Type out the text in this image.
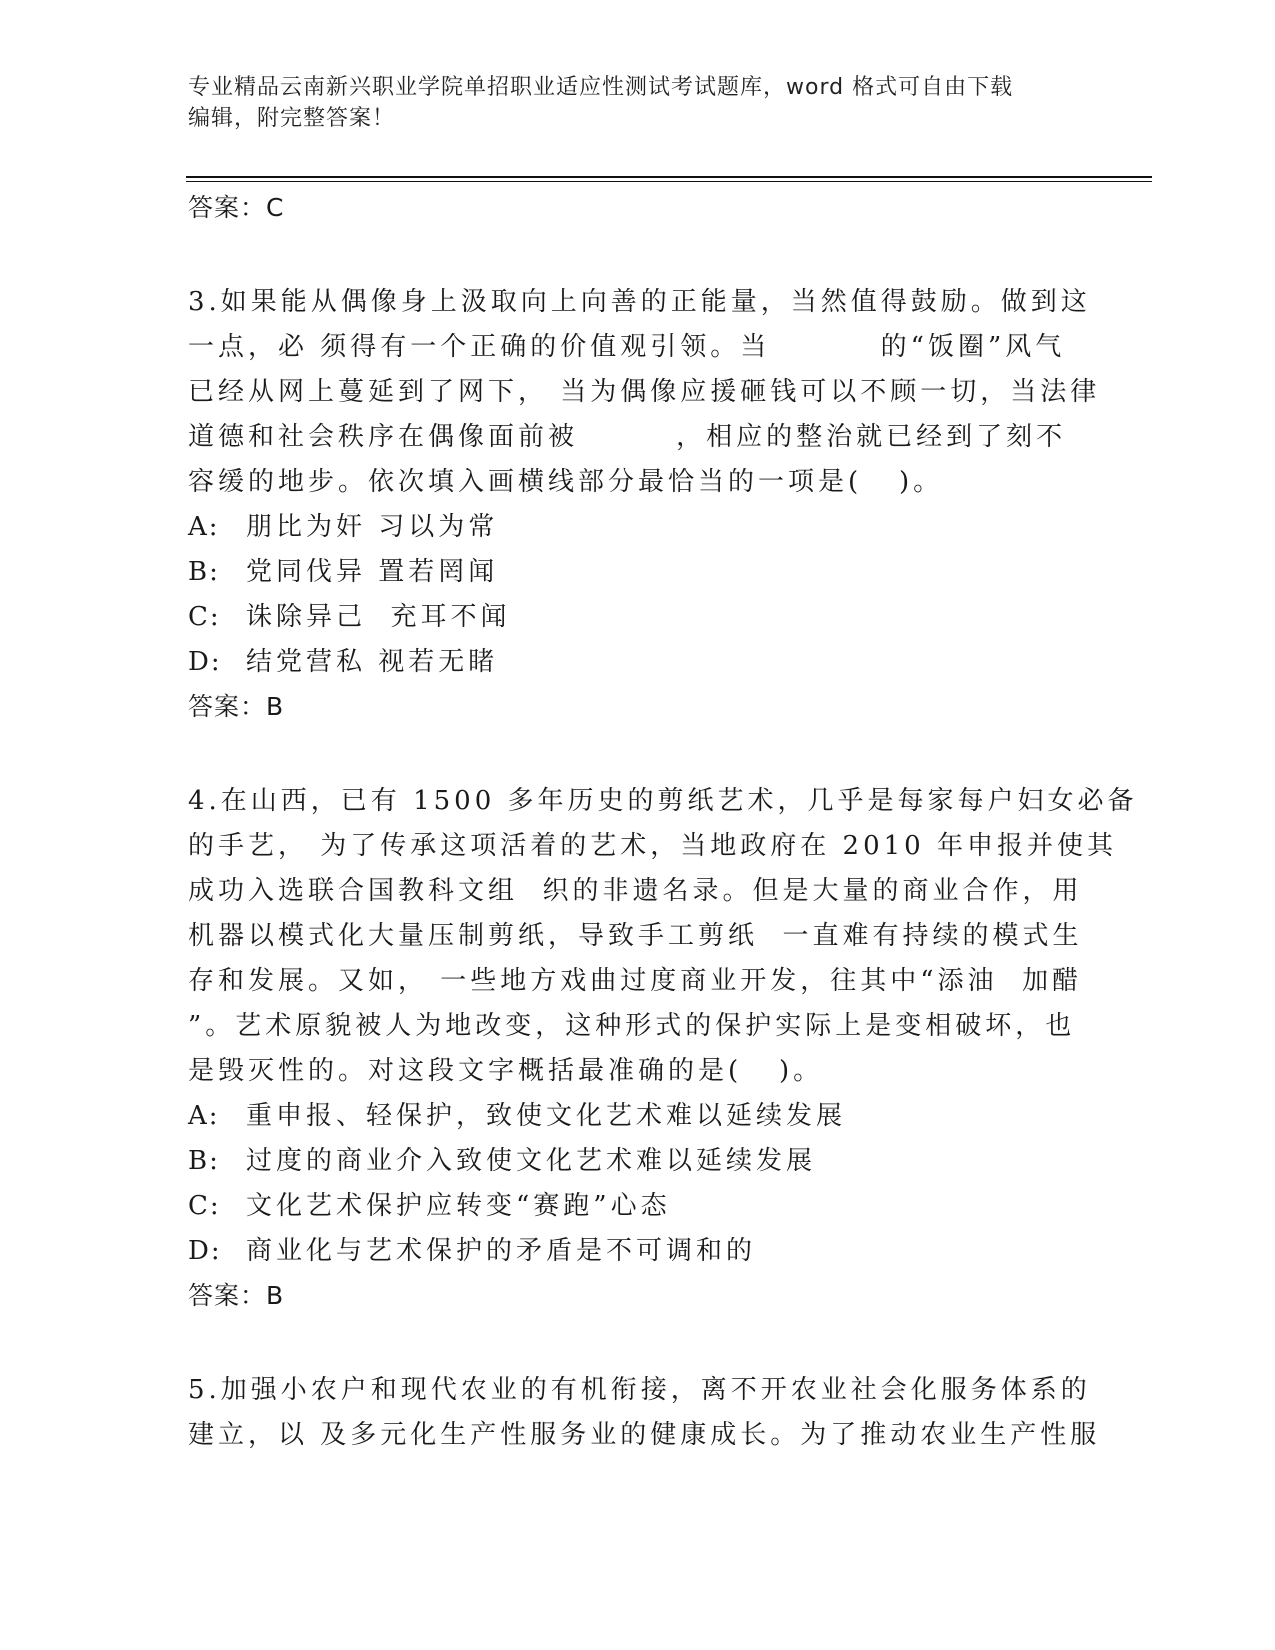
专业精品云南新兴职业学院单招职业适应性测试考试题库，word 格式可自由下载
编辑，附完整答案！
答案：C
3.如果能从偶像身上汲取向上向善的正能量，当然值得鼓励。做到这
一点，必 须得有一个正确的价值观引领。当         的“饭圈”风气
已经从网上蔓延到了网下， 当为偶像应援砸钱可以不顾一切，当法律
道德和社会秩序在偶像面前被        ，相应的整治就已经到了刻不
容缓的地步。依次填入画横线部分最恰当的一项是(   )。
A: 朋比为奸 习以为常
B: 党同伐异 置若罔闻
C: 诛除异己  充耳不闻
D: 结党营私 视若无睹
答案：B
4.在山西，已有 1500 多年历史的剪纸艺术，几乎是每家每户妇女必备
的手艺， 为了传承这项活着的艺术，当地政府在 2010 年申报并使其
成功入选联合国教科文组  织的非遗名录。但是大量的商业合作，用
机器以模式化大量压制剪纸，导致手工剪纸  一直难有持续的模式生
存和发展。又如， 一些地方戏曲过度商业开发，往其中“添油  加醋
”。艺术原貌被人为地改变，这种形式的保护实际上是变相破坏，也
是毁灭性的。对这段文字概括最准确的是(   )。
A: 重申报、轻保护，致使文化艺术难以延续发展
B: 过度的商业介入致使文化艺术难以延续发展
C: 文化艺术保护应转变“赛跑”心态
D: 商业化与艺术保护的矛盾是不可调和的
答案：B
5.加强小农户和现代农业的有机衔接，离不开农业社会化服务体系的
建立，以 及多元化生产性服务业的健康成长。为了推动农业生产性服
